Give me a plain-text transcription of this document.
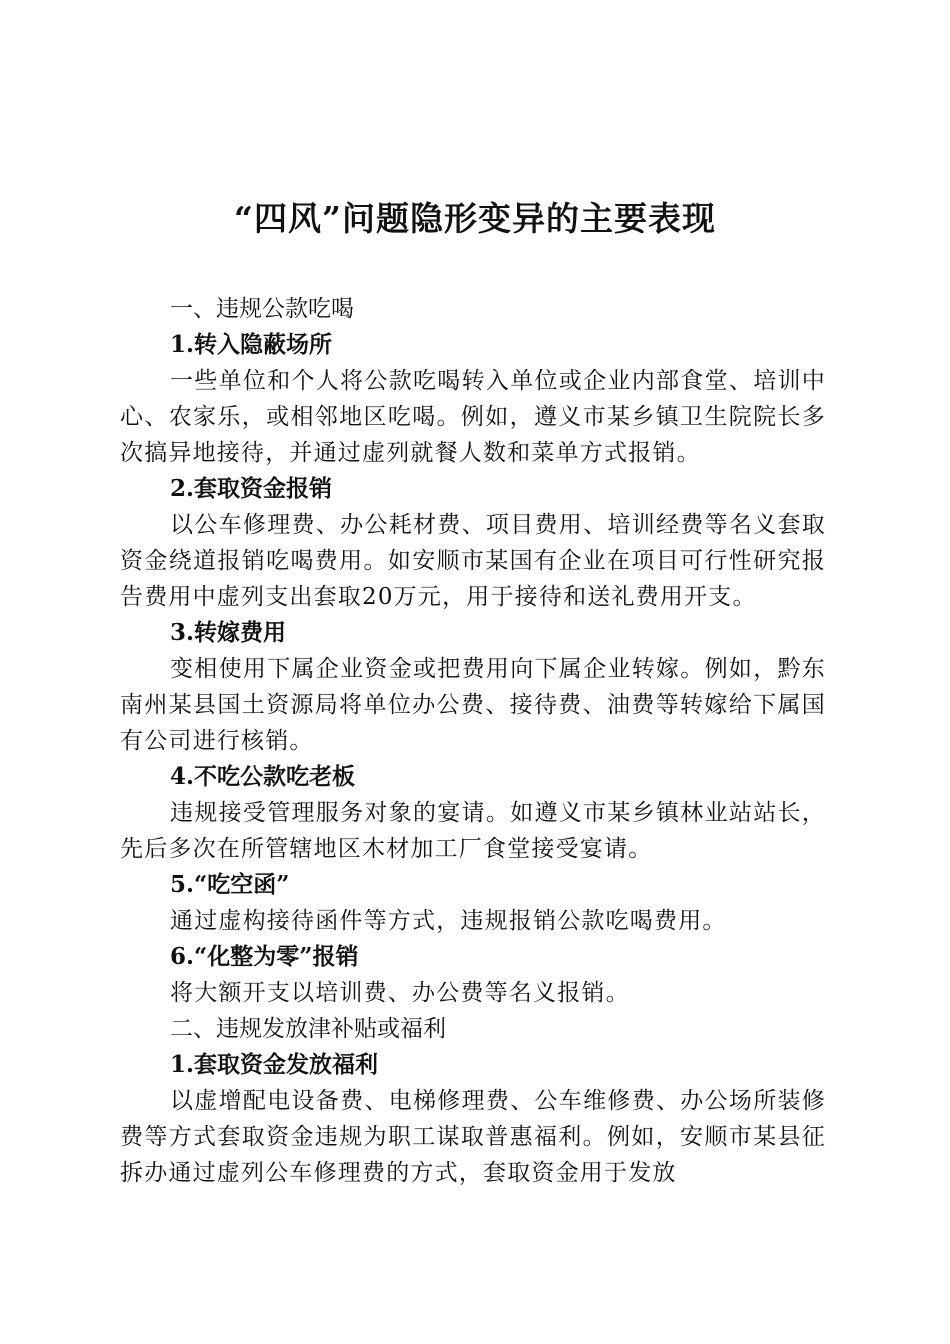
“四风”问题隐形变异的主要表现
一、违规公款吃喝
1.转入隐蔽场所

一些单位和个人将公款吃喝转入单位或企业内部食堂、培训中心、农家乐，或相邻地区吃喝。例如，遵义市某乡镇卫生院院长多次搞异地接待，并通过虚列就餐人数和菜单方式报销。

2.套取资金报销

以公车修理费、办公耗材费、项目费用、培训经费等名义套取资金绕道报销吃喝费用。如安顺市某国有企业在项目可行性研究报告费用中虚列支出套取20万元，用于接待和送礼费用开支。

3.转嫁费用

变相使用下属企业资金或把费用向下属企业转嫁。例如，黔东南州某县国土资源局将单位办公费、接待费、油费等转嫁给下属国有公司进行核销。

4.不吃公款吃老板

违规接受管理服务对象的宴请。如遵义市某乡镇林业站站长，先后多次在所管辖地区木材加工厂食堂接受宴请。

5.“吃空函”

通过虚构接待函件等方式，违规报销公款吃喝费用。

6.“化整为零”报销

将大额开支以培训费、办公费等名义报销。

二、违规发放津补贴或福利
1.套取资金发放福利

以虚增配电设备费、电梯修理费、公车维修费、办公场所装修费等方式套取资金违规为职工谋取普惠福利。例如，安顺市某县征拆办通过虚列公车修理费的方式，套取资金用于发放
